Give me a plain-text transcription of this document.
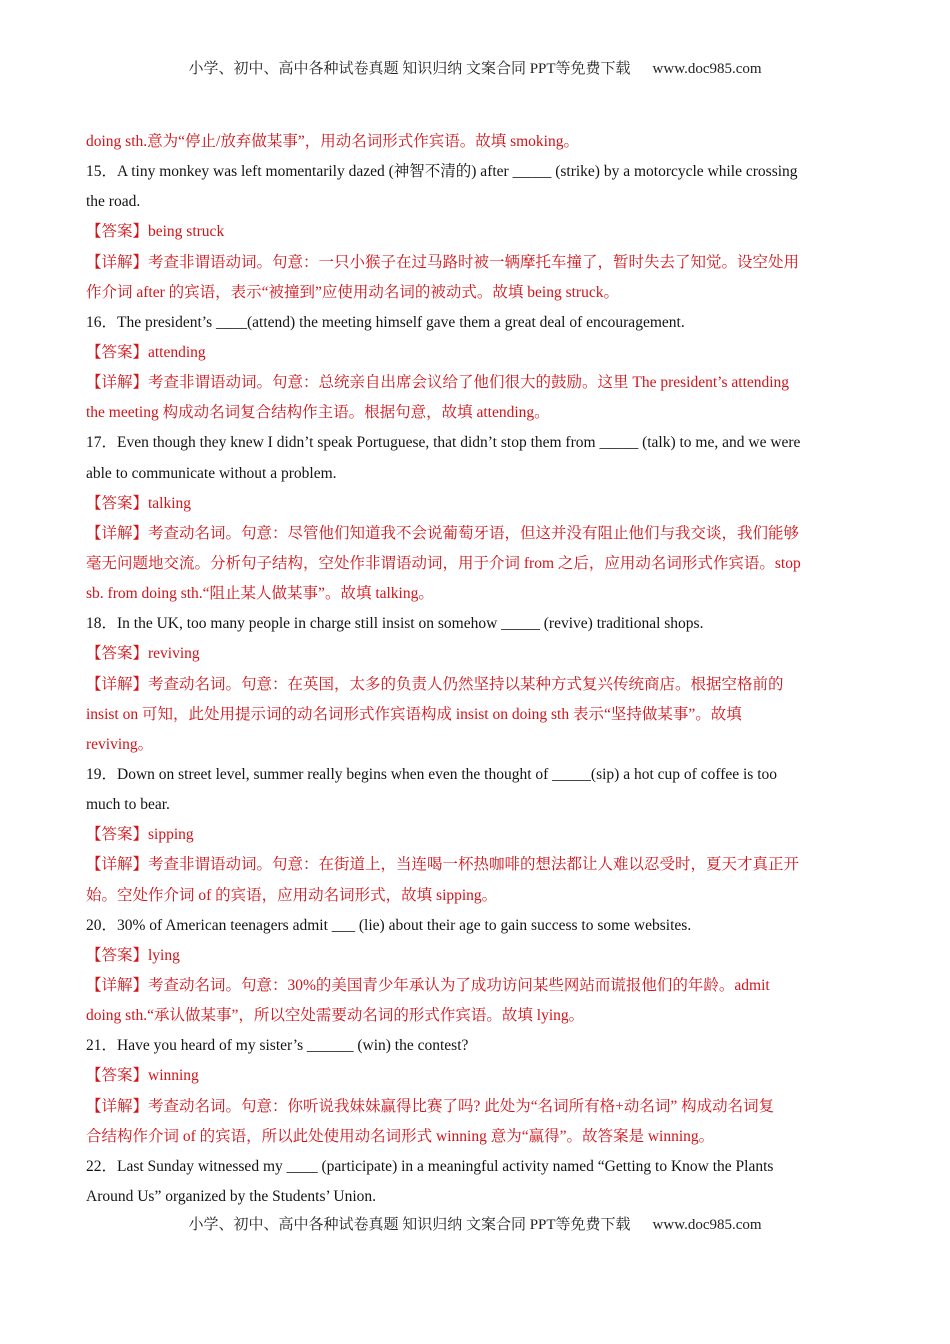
小学、初中、高中各种试卷真题 知识归纳 文案合同 PPT等免费下载 www.doc985.com
doing sth.意为“停止/放弃做某事”，用动名词形式作宾语。故填 smoking。
15．A tiny monkey was left momentarily dazed (神智不清的) after _____ (strike) by a motorcycle while crossing
the road.
【答案】being struck
【详解】考查非谓语动词。句意：一只小猴子在过马路时被一辆摩托车撞了，暂时失去了知觉。设空处用
作介词 after 的宾语，表示“被撞到”应使用动名词的被动式。故填 being struck。
16．The president’s ____(attend) the meeting himself gave them a great deal of encouragement.
【答案】attending
【详解】考查非谓语动词。句意：总统亲自出席会议给了他们很大的鼓励。这里 The president’s attending
the meeting 构成动名词复合结构作主语。根据句意，故填 attending。
17．Even though they knew I didn’t speak Portuguese, that didn’t stop them from _____ (talk) to me, and we were
able to communicate without a problem.
【答案】talking
【详解】考查动名词。句意：尽管他们知道我不会说葡萄牙语，但这并没有阻止他们与我交谈，我们能够
毫无问题地交流。分析句子结构，空处作非谓语动词，用于介词 from 之后，应用动名词形式作宾语。stop
sb. from doing sth.“阻止某人做某事”。故填 talking。
18．In the UK, too many people in charge still insist on somehow _____ (revive) traditional shops.
【答案】reviving
【详解】考查动名词。句意：在英国，太多的负责人仍然坚持以某种方式复兴传统商店。根据空格前的
insist on 可知，此处用提示词的动名词形式作宾语构成 insist on doing sth 表示“坚持做某事”。故填
reviving。
19．Down on street level, summer really begins when even the thought of _____(sip) a hot cup of coffee is too
much to bear.
【答案】sipping
【详解】考查非谓语动词。句意：在街道上，当连喝一杯热咖啡的想法都让人难以忍受时，夏天才真正开
始。空处作介词 of 的宾语，应用动名词形式，故填 sipping。
20．30% of American teenagers admit ___ (lie) about their age to gain success to some websites.
【答案】lying
【详解】考查动名词。句意：30%的美国青少年承认为了成功访问某些网站而谎报他们的年龄。admit
doing sth.“承认做某事”，所以空处需要动名词的形式作宾语。故填 lying。
21．Have you heard of my sister’s ______ (win) the contest?
【答案】winning
【详解】考查动名词。句意：你听说我妹妹赢得比赛了吗? 此处为“名词所有格+动名词” 构成动名词复
合结构作介词 of 的宾语，所以此处使用动名词形式 winning 意为“赢得”。故答案是 winning。
22．Last Sunday witnessed my ____ (participate) in a meaningful activity named “Getting to Know the Plants
Around Us” organized by the Students’ Union.
小学、初中、高中各种试卷真题 知识归纳 文案合同 PPT等免费下载 www.doc985.com
